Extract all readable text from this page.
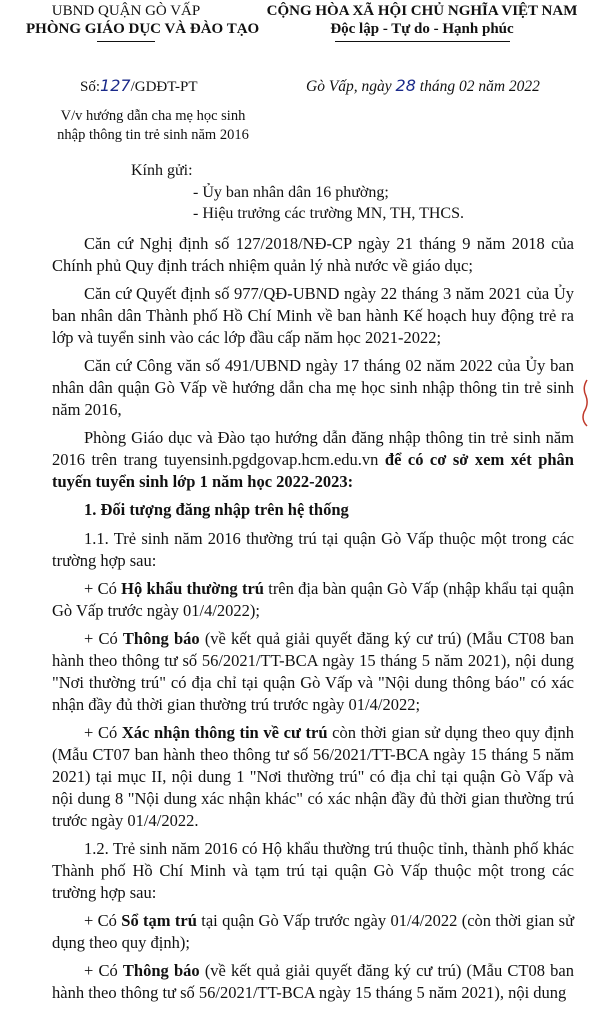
UBND QUẬN GÒ VẤP
PHÒNG GIÁO DỤC VÀ ĐÀO TẠO
CỘNG HÒA XÃ HỘI CHỦ NGHĨA VIỆT NAM
Độc lập - Tự do - Hạnh phúc
Số:127/GDĐT-PT	Gò Vấp, ngày 28 tháng 02 năm 2022
V/v hướng dẫn cha mẹ học sinh
nhập thông tin trẻ sinh năm 2016
Kính gửi:
- Ủy ban nhân dân 16 phường;
- Hiệu trưởng các trường MN, TH, THCS.

Căn cứ Nghị định số 127/2018/NĐ-CP ngày 21 tháng 9 năm 2018 của Chính phủ Quy định trách nhiệm quản lý nhà nước về giáo dục;

Căn cứ Quyết định số 977/QĐ-UBND ngày 22 tháng 3 năm 2021 của Ủy ban nhân dân Thành phố Hồ Chí Minh về ban hành Kế hoạch huy động trẻ ra lớp và tuyển sinh vào các lớp đầu cấp năm học 2021-2022;

Căn cứ Công văn số 491/UBND ngày 17 tháng 02 năm 2022 của Ủy ban nhân dân quận Gò Vấp về hướng dẫn cha mẹ học sinh nhập thông tin trẻ sinh năm 2016,

Phòng Giáo dục và Đào tạo hướng dẫn đăng nhập thông tin trẻ sinh năm 2016 trên trang tuyensinh.pgdgovap.hcm.edu.vn để có cơ sở xem xét phân tuyến tuyển sinh lớp 1 năm học 2022-2023:

1. Đối tượng đăng nhập trên hệ thống

1.1. Trẻ sinh năm 2016 thường trú tại quận Gò Vấp thuộc một trong các trường hợp sau:

+ Có Hộ khẩu thường trú trên địa bàn quận Gò Vấp (nhập khẩu tại quận Gò Vấp trước ngày 01/4/2022);

+ Có Thông báo (về kết quả giải quyết đăng ký cư trú) (Mẫu CT08 ban hành theo thông tư số 56/2021/TT-BCA ngày 15 tháng 5 năm 2021), nội dung "Nơi thường trú" có địa chỉ tại quận Gò Vấp và "Nội dung thông báo" có xác nhận đầy đủ thời gian thường trú trước ngày 01/4/2022;

+ Có Xác nhận thông tin về cư trú còn thời gian sử dụng theo quy định (Mẫu CT07 ban hành theo thông tư số 56/2021/TT-BCA ngày 15 tháng 5 năm 2021) tại mục II, nội dung 1 "Nơi thường trú" có địa chỉ tại quận Gò Vấp và nội dung 8 "Nội dung xác nhận khác" có xác nhận đầy đủ thời gian thường trú trước ngày 01/4/2022.

1.2. Trẻ sinh năm 2016 có Hộ khẩu thường trú thuộc tỉnh, thành phố khác Thành phố Hồ Chí Minh và tạm trú tại quận Gò Vấp thuộc một trong các trường hợp sau:

+ Có Sổ tạm trú tại quận Gò Vấp trước ngày 01/4/2022 (còn thời gian sử dụng theo quy định);

+ Có Thông báo (về kết quả giải quyết đăng ký cư trú) (Mẫu CT08 ban hành theo thông tư số 56/2021/TT-BCA ngày 15 tháng 5 năm 2021), nội dung
